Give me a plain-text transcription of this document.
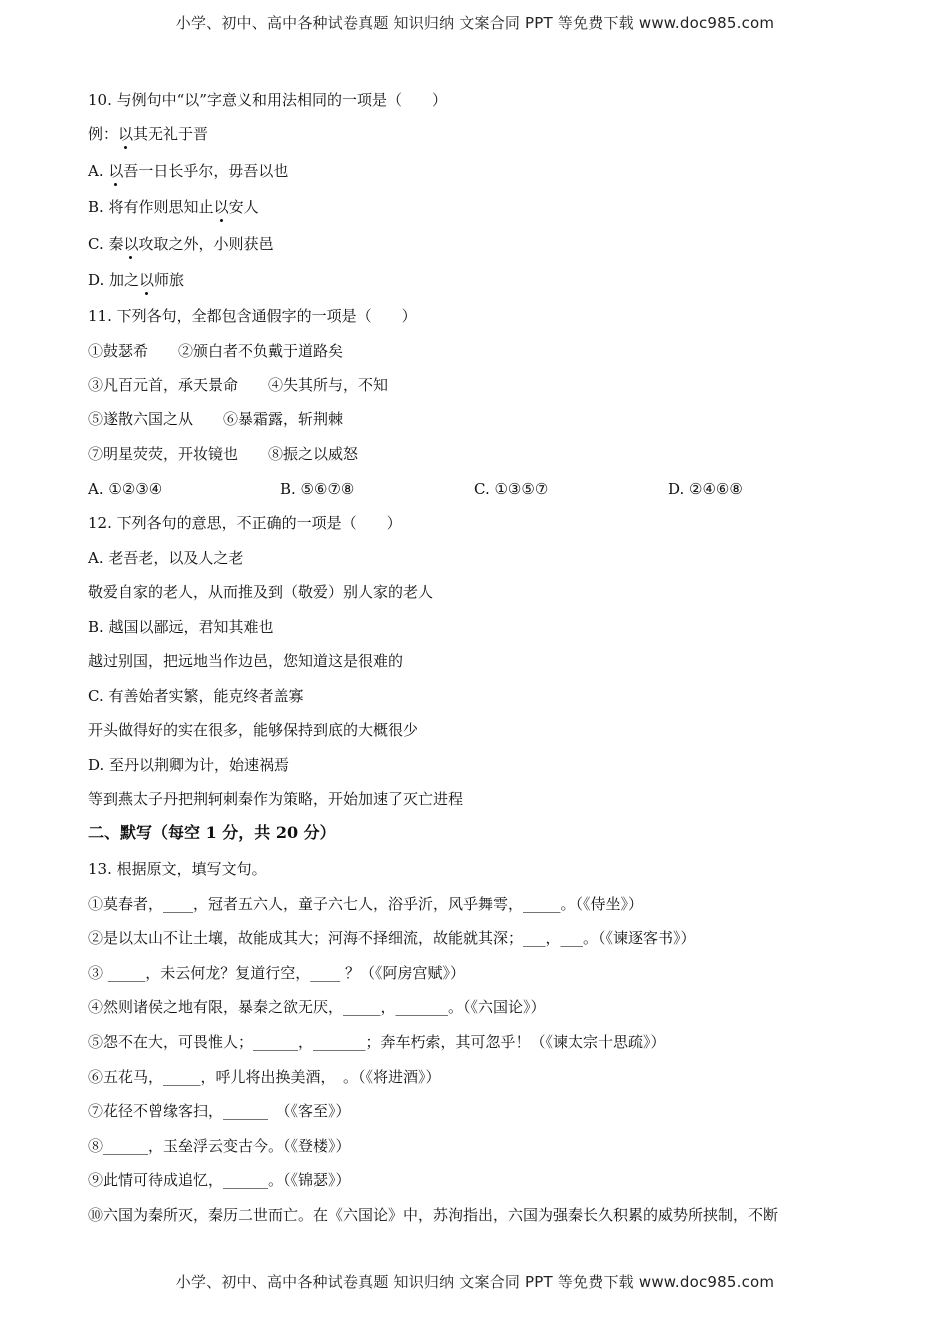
小学、初中、高中各种试卷真题 知识归纳 文案合同 PPT 等免费下载 www.doc985.com
10. 与例句中“以”字意义和用法相同的一项是（　　）
例：以其无礼于晋
A. 以吾一日长乎尔，毋吾以也
B. 将有作则思知止以安人
C. 秦以攻取之外，小则获邑
D. 加之以师旅
11. 下列各句，全都包含通假字的一项是（　　）
①鼓瑟希　　②颁白者不负戴于道路矣
③凡百元首，承天景命　　④失其所与，不知
⑤遂散六国之从　　⑥暴霜露，斩荆棘
⑦明星荧荧，开妆镜也　　⑧振之以威怒
A. ①②③④	B. ⑤⑥⑦⑧	C. ①③⑤⑦	D. ②④⑥⑧
12. 下列各句的意思，不正确的一项是（　　）
A. 老吾老，以及人之老
敬爱自家的老人，从而推及到（敬爱）别人家的老人
B. 越国以鄙远，君知其难也
越过别国，把远地当作边邑，您知道这是很难的
C. 有善始者实繁，能克终者盖寡
开头做得好的实在很多，能够保持到底的大概很少
D. 至丹以荆卿为计，始速祸焉
等到燕太子丹把荆轲刺秦作为策略，开始加速了灭亡进程
二、默写（每空 1 分，共 20 分）
13. 根据原文，填写文句。
①莫春者，____，冠者五六人，童子六七人，浴乎沂，风乎舞雩，_____。（《侍坐》）
②是以太山不让土壤，故能成其大；河海不择细流，故能就其深；___，___。（《谏逐客书》）
③ _____，未云何龙？复道行空，____ ？（《阿房宫赋》）
④然则诸侯之地有限，暴秦之欲无厌，_____，_______。（《六国论》）
⑤怨不在大，可畏惟人；______，_______；奔车朽索，其可忽乎！（《谏太宗十思疏》）
⑥五花马，_____，呼儿将出换美酒，　。（《将进酒》）
⑦花径不曾缘客扫，______　（《客至》）
⑧______，玉垒浮云变古今。（《登楼》）
⑨此情可待成追忆，______。（《锦瑟》）
⑩六国为秦所灭，秦历二世而亡。在《六国论》中，苏洵指出，六国为强秦长久积累的威势所挟制，不断
小学、初中、高中各种试卷真题 知识归纳 文案合同 PPT 等免费下载 www.doc985.com
